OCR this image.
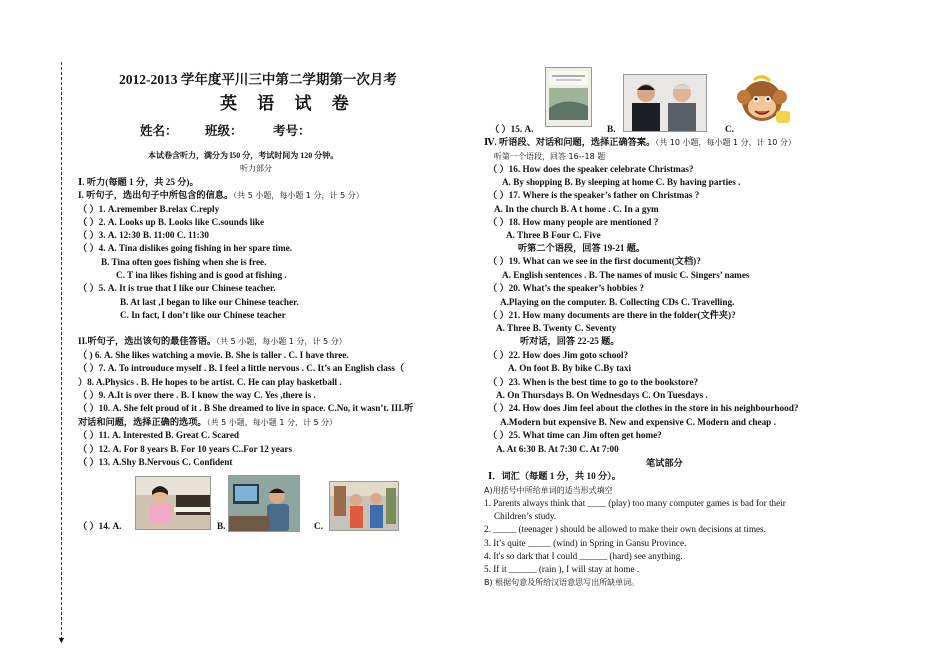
▼
2012-2013 学年度平川三中第二学期第一次月考
英 语 试 卷
姓名： 班级： 考号：
本试卷含听力，满分为 l50 分，考试时间为 120 分钟。
听力部分
Ⅰ. 听力(每题 1 分，共 25 分)。
I. 听句子，选出句子中所包含的信息。（共 5 小题，每小题 1 分，计 5 分）
（ ）1. A.remember B.relax C.reply
（ ）2. A. Looks up B. Looks like C.sounds like
（ ）3. A. 12:30 B. 11:00 C. 11:30
（ ）4. A. Tina dislikes going fishing in her spare time.
B. Tina often goes fishing when she is free.
C. T ina likes fishing and is good at fishing .
（ ）5. A. It is true that I like our Chinese teacher.
B. At last ,I began to like our Chinese teacher.
C. In fact, I don’t like our Chinese teacher
II.听句子，选出该句的最佳答语。（共 5 小题，每小题 1 分，计 5 分）
（ ) 6. A. She likes watching a movie. B. She is taller . C. I have three.
（ ）7. A. To introuduce myself . B. I feel a little nervous . C. It’s an English class（
）8. A.Physics . B. He hopes to be artist. C. He can play basketball .
（ ）9. A.It is over there . B. I know the way C. Yes ,there is .
（ ）10. A. She felt proud of it . B She dreamed to live in space. C.No, it wasn’t. III.听
对话和问题，选择正确的选项。（共 5 小题，每小题 1 分，计 5 分）
（ ）11. A. Interested B. Great C. Scared
（ ）12. A. For 8 years B. For 10 years C..For 12 years
（ ）13. A.Shy B.Nervous C. Confident
（ ）14. A.	B.	C.
（ ）15. A.	B.	C.
Ⅳ. 听语段、对话和问题，选择正确答案。（共 10 小题，每小题 1 分，计 10 分）
听第一个语段，回答 16--18 题
（ ）16. How does the speaker celebrate Christmas?
A. By shopping B. By sleeping at home C. By having parties .
（ ）17. Where is the speaker’s father on Christmas ?
A. In the church B. A t home . C. In a gym
（ ）18. How many people are mentioned ?
A. Three B Four C. Five
听第二个语段，回答 19-21 题。
（ ）19. What can we see in the first document(文档)?
A. English sentences . B. The names of music C. Singers’ names
（ ）20. What’s the speaker’s hobbies ?
A.Playing on the computer. B. Collecting CDs C. Travelling.
（ ）21. How many documents are there in the folder(文件夹)?
A. Three B. Twenty C. Seventy
听对话，回答 22-25 题。
（ ）22. How does Jim goto school?
A. On foot B. By bike C.By taxi
（ ）23. When is the best time to go to the bookstore?
A. On Thursdays B. On Wednesdays C. On Tuesdays .
（ ）24. How does Jim feel about the clothes in the store in his neighbourhood?
A.Modern but expensive B. New and expensive C. Modern and cheap .
（ ）25. What time can Jim often get home?
A. At 6:30 B. At 7:30 C. At 7:00
笔试部分
Ⅰ．词汇（每题 1 分，共 10 分）。
A)用括号中所给单词的适当形式填空
1. Parents always think that ____ (play) too many computer games is bad for their
Children’s study.
2. _____ (teenager ) should be allowed to make their own decisions at times.
3. It’s quite _____ (wind) in Spring in Gansu Province.
4. It's so dark that I could ______ (hard) see anything.
5. If it ______ (rain ), I will stay at home .
B) 根据句意及所给汉语意思写出所缺单词。
